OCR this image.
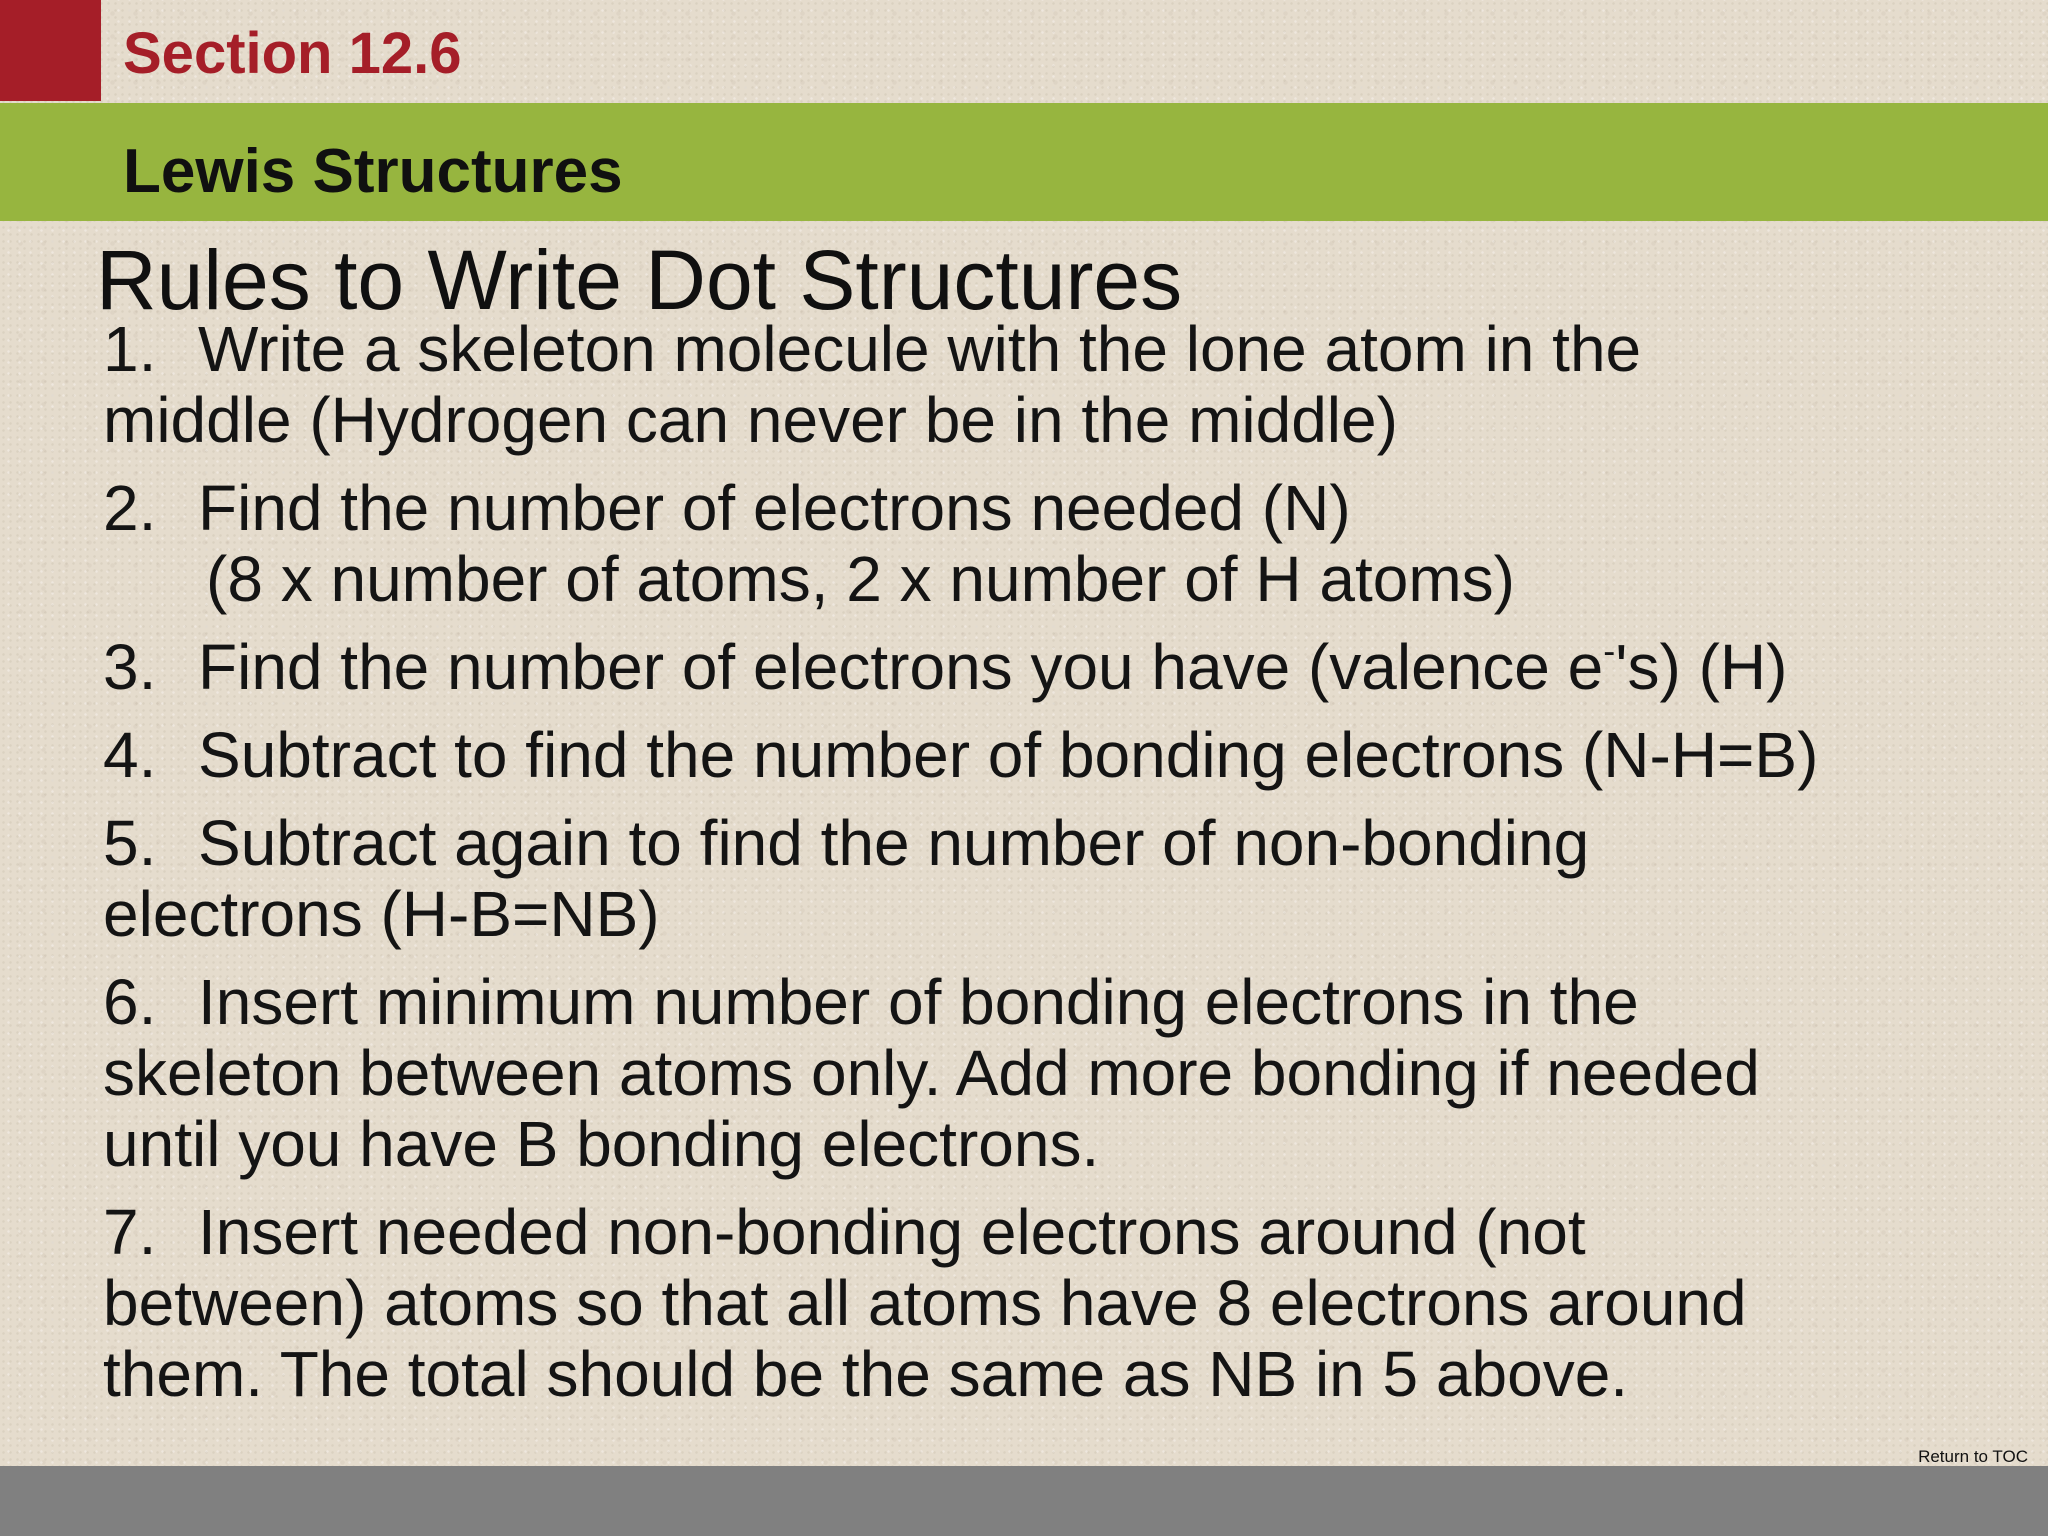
Section 12.6
Lewis Structures
Rules to Write Dot Structures
1. Write a skeleton molecule with the lone atom in the
middle (Hydrogen can never be in the middle)
2. Find the number of electrons needed (N)
(8 x number of atoms, 2 x number of H atoms)
3. Find the number of electrons you have (valence e-'s) (H)
4. Subtract to find the number of bonding electrons (N-H=B)
5. Subtract again to find the number of non-bonding
electrons (H-B=NB)
6. Insert minimum number of bonding electrons in the
skeleton between atoms only. Add more bonding if needed
until you have B bonding electrons.
7. Insert needed non-bonding electrons around (not
between) atoms so that all atoms have 8 electrons around
them. The total should be the same as NB in 5 above.
Return to TOC
